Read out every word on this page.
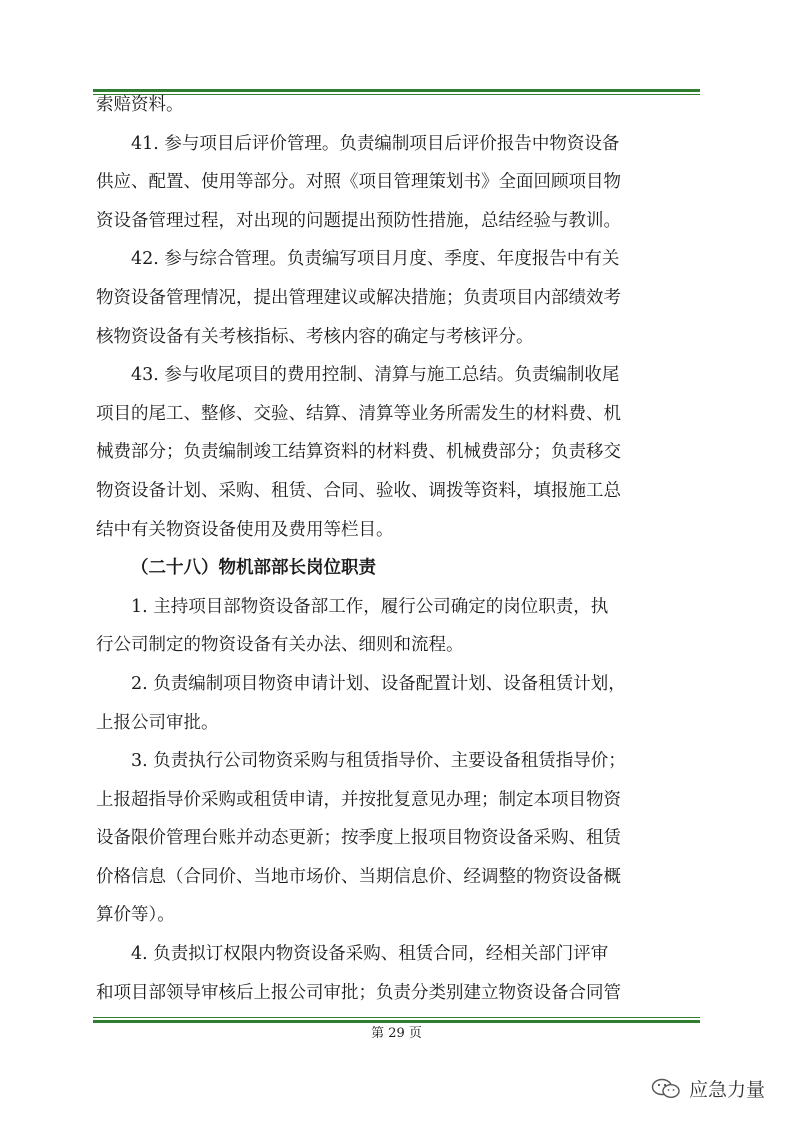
索赔资料。
41. 参与项目后评价管理。负责编制项目后评价报告中物资设备
供应、配置、使用等部分。对照《项目管理策划书》全面回顾项目物
资设备管理过程，对出现的问题提出预防性措施，总结经验与教训。
42. 参与综合管理。负责编写项目月度、季度、年度报告中有关
物资设备管理情况，提出管理建议或解决措施；负责项目内部绩效考
核物资设备有关考核指标、考核内容的确定与考核评分。
43. 参与收尾项目的费用控制、清算与施工总结。负责编制收尾
项目的尾工、整修、交验、结算、清算等业务所需发生的材料费、机
械费部分；负责编制竣工结算资料的材料费、机械费部分；负责移交
物资设备计划、采购、租赁、合同、验收、调拨等资料，填报施工总
结中有关物资设备使用及费用等栏目。
（二十八）物机部部长岗位职责
1. 主持项目部物资设备部工作，履行公司确定的岗位职责，执
行公司制定的物资设备有关办法、细则和流程。
2. 负责编制项目物资申请计划、设备配置计划、设备租赁计划，
上报公司审批。
3. 负责执行公司物资采购与租赁指导价、主要设备租赁指导价；
上报超指导价采购或租赁申请，并按批复意见办理；制定本项目物资
设备限价管理台账并动态更新；按季度上报项目物资设备采购、租赁
价格信息（合同价、当地市场价、当期信息价、经调整的物资设备概
算价等）。
4. 负责拟订权限内物资设备采购、租赁合同，经相关部门评审
和项目部领导审核后上报公司审批；负责分类别建立物资设备合同管
第 29 页
应急力量
